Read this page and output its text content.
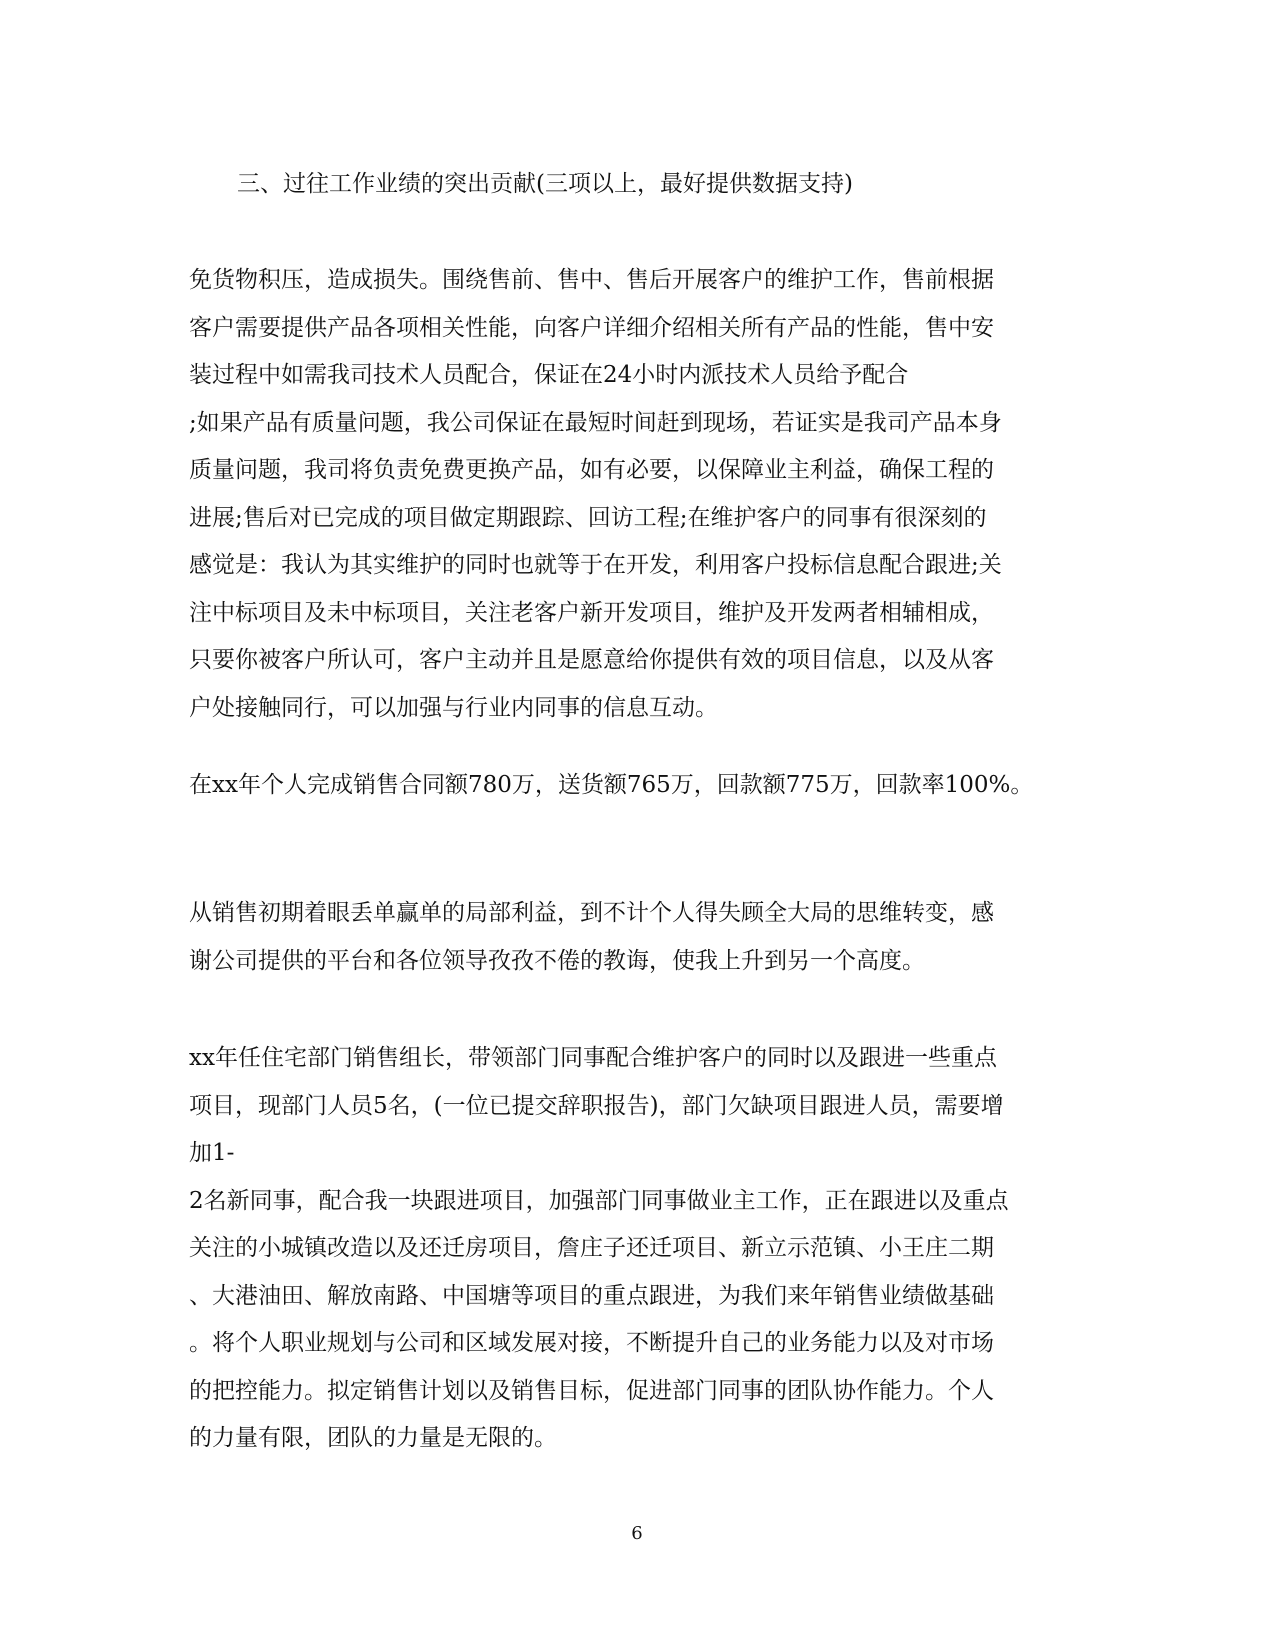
三、过往工作业绩的突出贡献(三项以上，最好提供数据支持)
免货物积压，造成损失。围绕售前、售中、售后开展客户的维护工作，售前根据
客户需要提供产品各项相关性能，向客户详细介绍相关所有产品的性能，售中安
装过程中如需我司技术人员配合，保证在24小时内派技术人员给予配合
;如果产品有质量问题，我公司保证在最短时间赶到现场，若证实是我司产品本身
质量问题，我司将负责免费更换产品，如有必要，以保障业主利益，确保工程的
进展;售后对已完成的项目做定期跟踪、回访工程;在维护客户的同事有很深刻的
感觉是：我认为其实维护的同时也就等于在开发，利用客户投标信息配合跟进;关
注中标项目及未中标项目，关注老客户新开发项目，维护及开发两者相辅相成，
只要你被客户所认可，客户主动并且是愿意给你提供有效的项目信息，以及从客
户处接触同行，可以加强与行业内同事的信息互动。
在xx年个人完成销售合同额780万，送货额765万，回款额775万，回款率100%。
从销售初期着眼丢单赢单的局部利益，到不计个人得失顾全大局的思维转变，感
谢公司提供的平台和各位领导孜孜不倦的教诲，使我上升到另一个高度。
xx年任住宅部门销售组长，带领部门同事配合维护客户的同时以及跟进一些重点
项目，现部门人员5名，(一位已提交辞职报告)，部门欠缺项目跟进人员，需要增
加1-
2名新同事，配合我一块跟进项目，加强部门同事做业主工作，正在跟进以及重点
关注的小城镇改造以及还迁房项目，詹庄子还迁项目、新立示范镇、小王庄二期
、大港油田、解放南路、中国塘等项目的重点跟进，为我们来年销售业绩做基础
。将个人职业规划与公司和区域发展对接，不断提升自己的业务能力以及对市场
的把控能力。拟定销售计划以及销售目标，促进部门同事的团队协作能力。个人
的力量有限，团队的力量是无限的。
6
